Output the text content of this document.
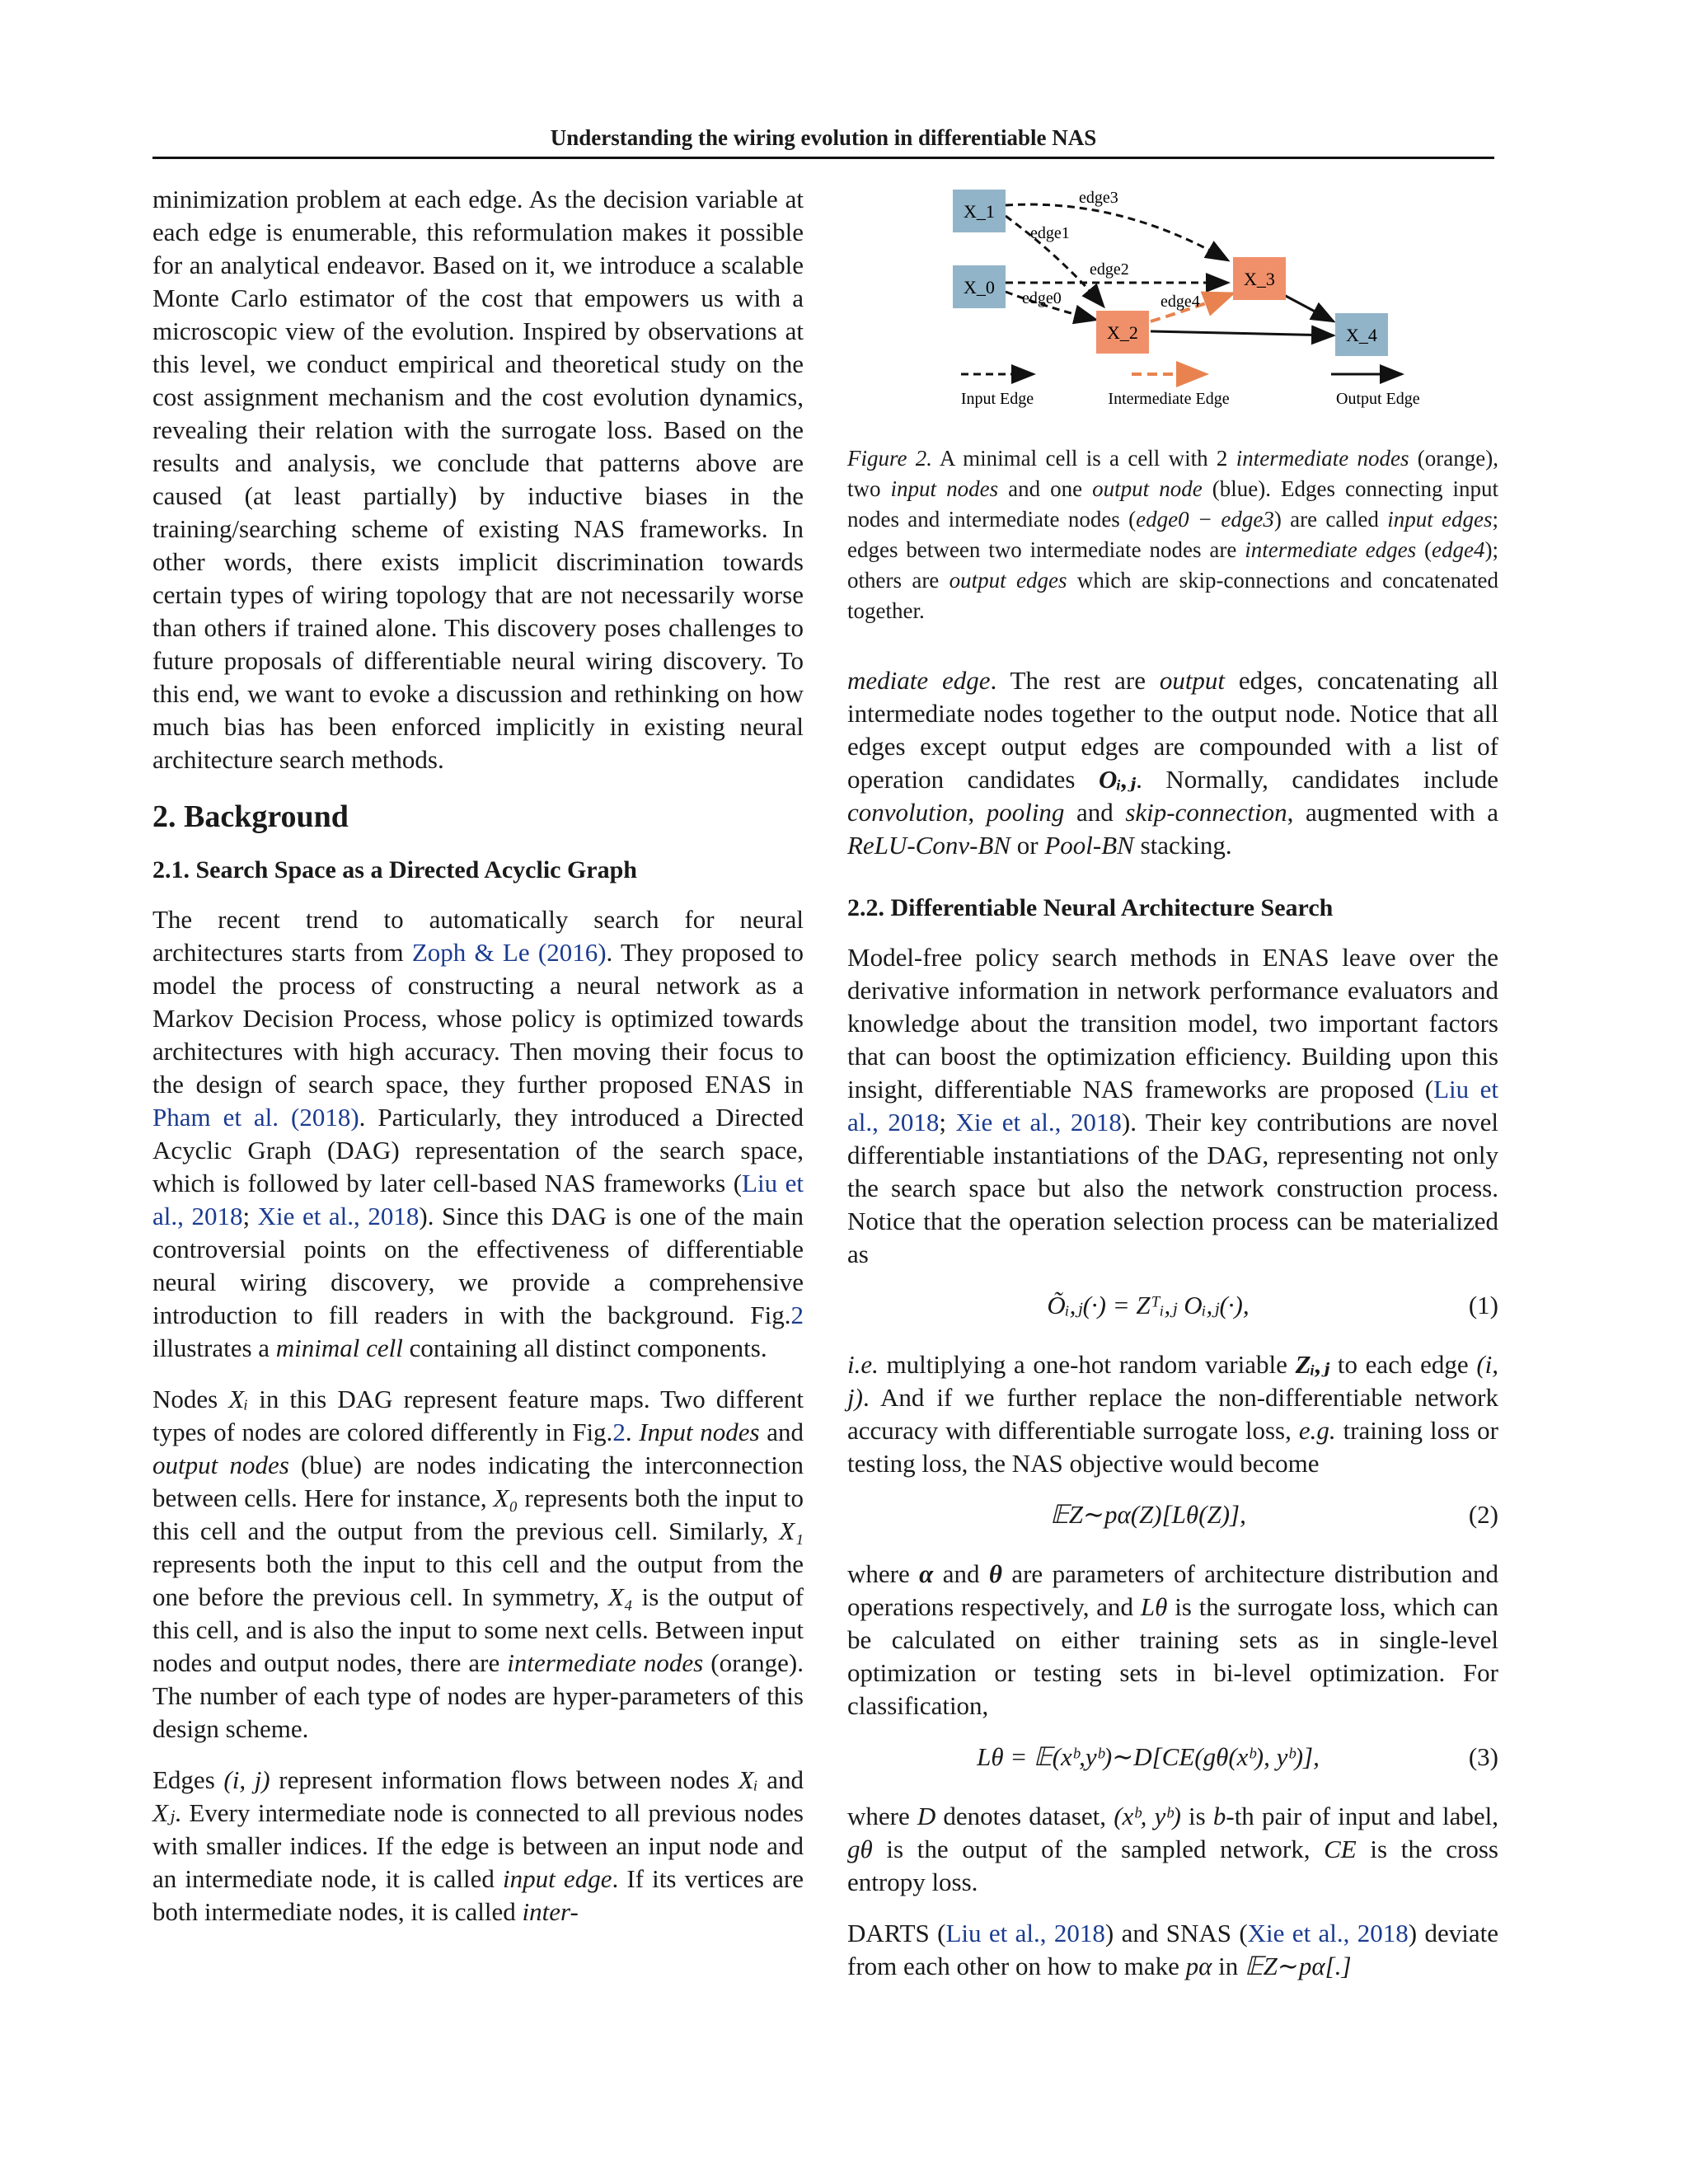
Understanding the wiring evolution in differentiable NAS

minimization problem at each edge. As the decision variable at each edge is enumerable, this reformulation makes it possible for an analytical endeavor. Based on it, we introduce a scalable Monte Carlo estimator of the cost that empowers us with a microscopic view of the evolution. Inspired by observations at this level, we conduct empirical and theoretical study on the cost assignment mechanism and the cost evolution dynamics, revealing their relation with the surrogate loss. Based on the results and analysis, we conclude that patterns above are caused (at least partially) by inductive biases in the training/searching scheme of existing NAS frameworks. In other words, there exists implicit discrimination towards certain types of wiring topology that are not necessarily worse than others if trained alone. This discovery poses challenges to future proposals of differentiable neural wiring discovery. To this end, we want to evoke a discussion and rethinking on how much bias has been enforced implicitly in existing neural architecture search methods.

2. Background
2.1. Search Space as a Directed Acyclic Graph

The recent trend to automatically search for neural architectures starts from Zoph & Le (2016). They proposed to model the process of constructing a neural network as a Markov Decision Process, whose policy is optimized towards architectures with high accuracy. Then moving their focus to the design of search space, they further proposed ENAS in Pham et al. (2018). Particularly, they introduced a Directed Acyclic Graph (DAG) representation of the search space, which is followed by later cell-based NAS frameworks (Liu et al., 2018; Xie et al., 2018). Since this DAG is one of the main controversial points on the effectiveness of differentiable neural wiring discovery, we provide a comprehensive introduction to fill readers in with the background. Fig.2 illustrates a minimal cell containing all distinct components.

Nodes Xᵢ in this DAG represent feature maps. Two different types of nodes are colored differently in Fig.2. Input nodes and output nodes (blue) are nodes indicating the interconnection between cells. Here for instance, X₀ represents both the input to this cell and the output from the previous cell. Similarly, X₁ represents both the input to this cell and the output from the one before the previous cell. In symmetry, X₄ is the output of this cell, and is also the input to some next cells. Between input nodes and output nodes, there are intermediate nodes (orange). The number of each type of nodes are hyper-parameters of this design scheme.

Edges (i, j) represent information flows between nodes Xᵢ and Xⱼ. Every intermediate node is connected to all previous nodes with smaller indices. If the edge is between an input node and an intermediate node, it is called input edge. If its vertices are both intermediate nodes, it is called inter-

X_1
X_0
X_2
X_3
X_4
edge3
edge1
edge2
edge0	edge4
Input Edge	Intermediate Edge	Output Edge
Figure 2. A minimal cell is a cell with 2 intermediate nodes (orange), two input nodes and one output node (blue). Edges connecting input nodes and intermediate nodes (edge0 − edge3) are called input edges; edges between two intermediate nodes are intermediate edges (edge4); others are output edges which are skip-connections and concatenated together.

mediate edge. The rest are output edges, concatenating all intermediate nodes together to the output node. Notice that all edges except output edges are compounded with a list of operation candidates Oᵢ,ⱼ. Normally, candidates include convolution, pooling and skip-connection, augmented with a ReLU-Conv-BN or Pool-BN stacking.

2.2. Differentiable Neural Architecture Search

Model-free policy search methods in ENAS leave over the derivative information in network performance evaluators and knowledge about the transition model, two important factors that can boost the optimization efficiency. Building upon this insight, differentiable NAS frameworks are proposed (Liu et al., 2018; Xie et al., 2018). Their key contributions are novel differentiable instantiations of the DAG, representing not only the search space but also the network construction process. Notice that the operation selection process can be materialized as

Õᵢ,ⱼ(·) = Zᵀᵢ,ⱼ Oᵢ,ⱼ(·),	(1)

i.e. multiplying a one-hot random variable Zᵢ,ⱼ to each edge (i, j). And if we further replace the non-differentiable network accuracy with differentiable surrogate loss, e.g. training loss or testing loss, the NAS objective would become

𝔼Z∼pα(Z)[Lθ(Z)],	(2)

where α and θ are parameters of architecture distribution and operations respectively, and Lθ is the surrogate loss, which can be calculated on either training sets as in single-level optimization or testing sets in bi-level optimization. For classification,

Lθ = 𝔼(xᵇ,yᵇ)∼D[CE(gθ(xᵇ), yᵇ)],	(3)

where D denotes dataset, (xᵇ, yᵇ) is b-th pair of input and label, gθ is the output of the sampled network, CE is the cross entropy loss.

DARTS (Liu et al., 2018) and SNAS (Xie et al., 2018) deviate from each other on how to make pα in 𝔼Z∼pα[.]
